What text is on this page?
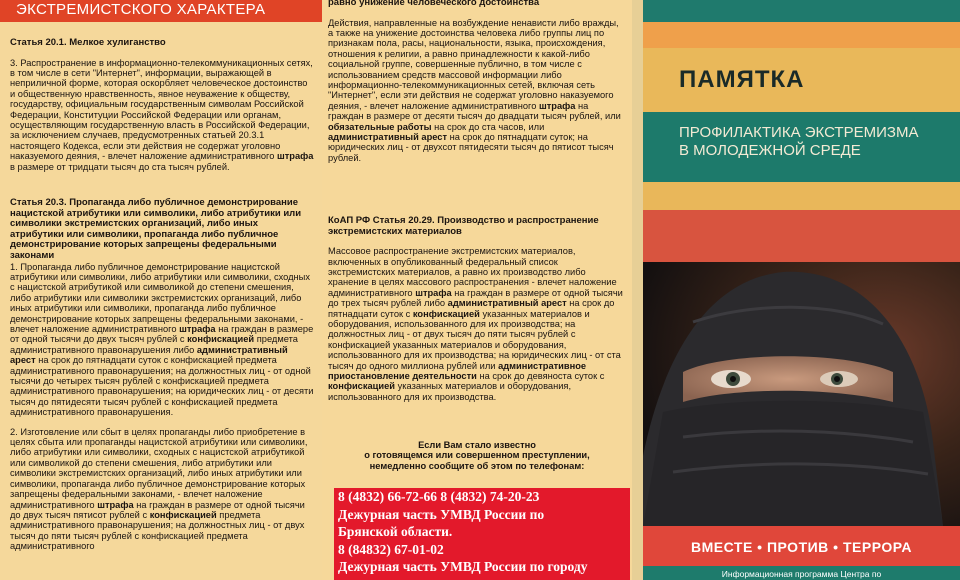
ЭКСТРЕМИСТСКОГО ХАРАКТЕРА

Статья 20.1. Мелкое хулиганство

3. Распространение в информационно-телекоммуникационных сетях, в том числе в сети "Интернет", информации, выражающей в неприличной форме, которая оскорбляет человеческое достоинство и общественную нравственность, явное неуважение к обществу, государству, официальным государственным символам Российской Федерации, Конституции Российской Федерации или органам, осуществляющим государственную власть в Российской Федерации, за исключением случаев, предусмотренных статьей 20.3.1 настоящего Кодекса, если эти действия не содержат уголовно наказуемого деяния, - влечет наложение административного штрафа в размере от тридцати тысяч до ста тысяч рублей.

Статья 20.3. Пропаганда либо публичное демонстрирование нацистской атрибутики или символики, либо атрибутики или символики экстремистских организаций, либо иных атрибутики или символики, пропаганда либо публичное демонстрирование которых запрещены федеральными законами

1. Пропаганда либо публичное демонстрирование нацистской атрибутики или символики, либо атрибутики или символики, сходных с нацистской атрибутикой или символикой до степени смешения, либо атрибутики или символики экстремистских организаций, либо иных атрибутики или символики, пропаганда либо публичное демонстрирование которых запрещены федеральными законами, - влечет наложение административного штрафа на граждан в размере от одной тысячи до двух тысяч рублей с конфискацией предмета административного правонарушения либо административный арест на срок до пятнадцати суток с конфискацией предмета административного правонарушения; на должностных лиц - от одной тысячи до четырех тысяч рублей с конфискацией предмета административного правонарушения; на юридических лиц - от десяти тысяч до пятидесяти тысяч рублей с конфискацией предмета административного правонарушения.

2. Изготовление или сбыт в целях пропаганды либо приобретение в целях сбыта или пропаганды нацистской атрибутики или символики, либо атрибутики или символики, сходных с нацистской атрибутикой или символикой до степени смешения, либо атрибутики или символики экстремистских организаций, либо иных атрибутики или символики, пропаганда либо публичное демонстрирование которых запрещены федеральными законами, - влечет наложение административного штрафа на граждан в размере от одной тысячи до двух тысяч пятисот рублей с конфискацией предмета административного правонарушения; на должностных лиц - от двух тысяч до пяти тысяч рублей с конфискацией предмета административного

равно унижение человеческого достоинства

Действия, направленные на возбуждение ненависти либо вражды, а также на унижение достоинства человека либо группы лиц по признакам пола, расы, национальности, языка, происхождения, отношения к религии, а равно принадлежности к какой-либо социальной группе, совершенные публично, в том числе с использованием средств массовой информации либо информационно-телекоммуникационных сетей, включая сеть "Интернет", если эти действия не содержат уголовно наказуемого деяния, - влечет наложение административного штрафа на граждан в размере от десяти тысяч до двадцати тысяч рублей, или обязательные работы на срок до ста часов, или административный арест на срок до пятнадцати суток; на юридических лиц - от двухсот пятидесяти тысяч до пятисот тысяч рублей.

КоАП РФ Статья 20.29. Производство и распространение экстремистских материалов

Массовое распространение экстремистских материалов, включенных в опубликованный федеральный список экстремистских материалов, а равно их производство либо хранение в целях массового распространения - влечет наложение административного штрафа на граждан в размере от одной тысячи до трех тысяч рублей либо административный арест на срок до пятнадцати суток с конфискацией указанных материалов и оборудования, использованного для их производства; на должностных лиц - от двух тысяч до пяти тысяч рублей с конфискацией указанных материалов и оборудования, использованного для их производства; на юридических лиц - от ста тысяч до одного миллиона рублей или административное приостановление деятельности на срок до девяноста суток с конфискацией указанных материалов и оборудования, использованного для их производства.

Если Вам стало известно

о готовящемся или совершенном преступлении,

немедленно сообщите об этом по телефонам:

8 (4832) 66-72-66 8 (4832) 74-20-23
Дежурная часть УМВД России по
Брянской области.
8 (84832) 67-01-02
Дежурная часть УМВД России по городу
ПАМЯТКА
ПРОФИЛАКТИКА ЭКСТРЕМИЗМА
В МОЛОДЕЖНОЙ СРЕДЕ
ВМЕСТЕ • ПРОТИВ • ТЕРРОРА
Информационная программа Центра по
